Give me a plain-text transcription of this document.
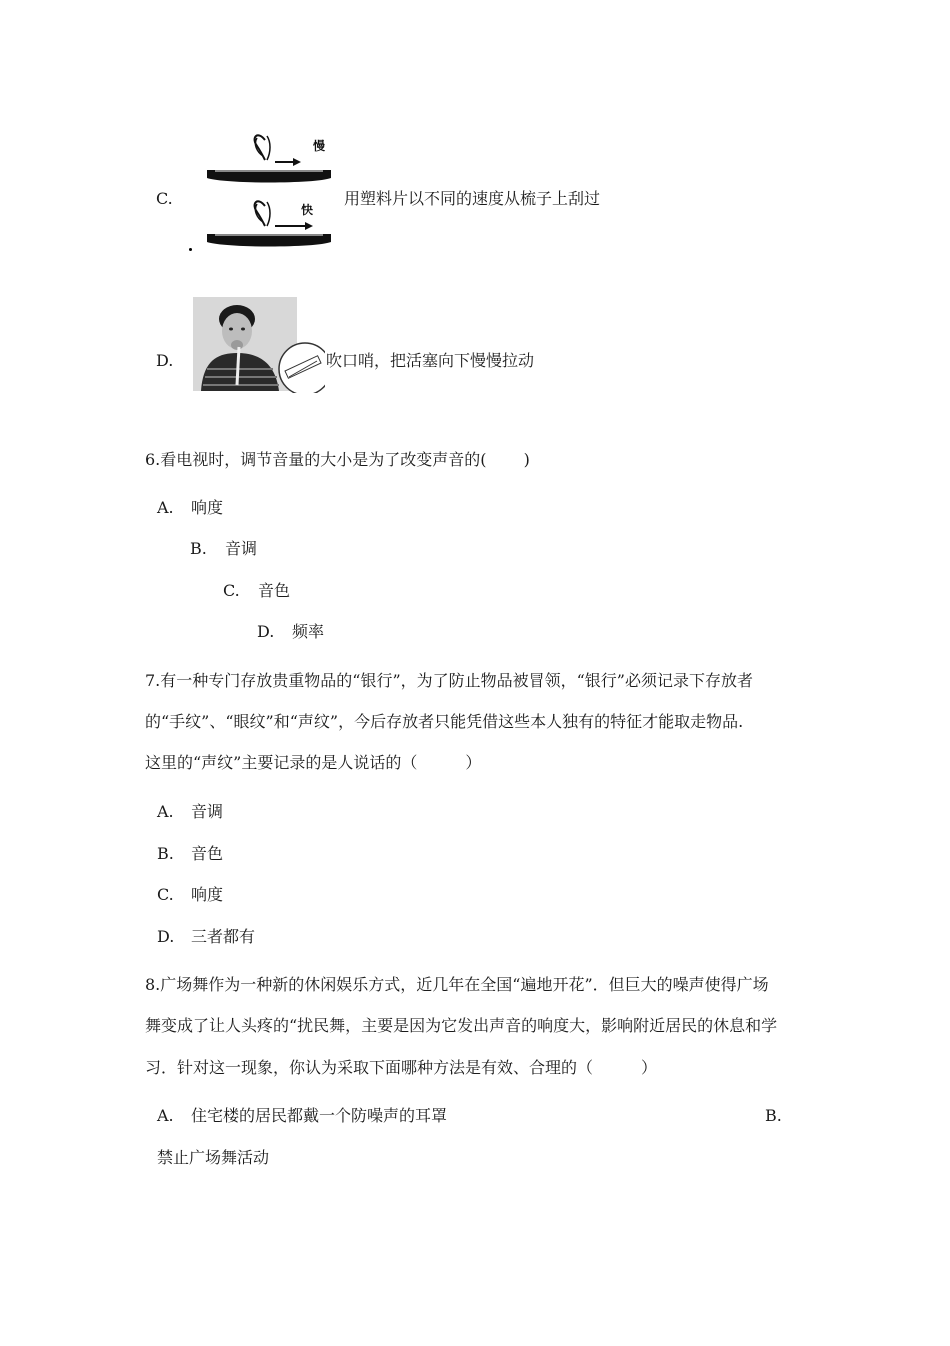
C.
慢
快
用塑料片以不同的速度从梳子上刮过
D.	吹口哨，把活塞向下慢慢拉动
6.看电视时，调节音量的大小是为了改变声音的(　　 )
A. 响度
B. 音调
C. 音色
D. 频率
7.有一种专门存放贵重物品的“银行”，为了防止物品被冒领，“银行”必须记录下存放者
的“手纹”、“眼纹”和“声纹”，今后存放者只能凭借这些本人独有的特征才能取走物品.
这里的“声纹”主要记录的是人说话的（　　　）
A. 音调
B. 音色
C. 响度
D. 三者都有
8.广场舞作为一种新的休闲娱乐方式，近几年在全国“遍地开花”．但巨大的噪声使得广场
舞变成了让人头疼的“扰民舞，主要是因为它发出声音的响度大，影响附近居民的休息和学
习．针对这一现象，你认为采取下面哪种方法是有效、合理的（　　　）
A. 住宅楼的居民都戴一个防噪声的耳罩	B.
禁止广场舞活动
